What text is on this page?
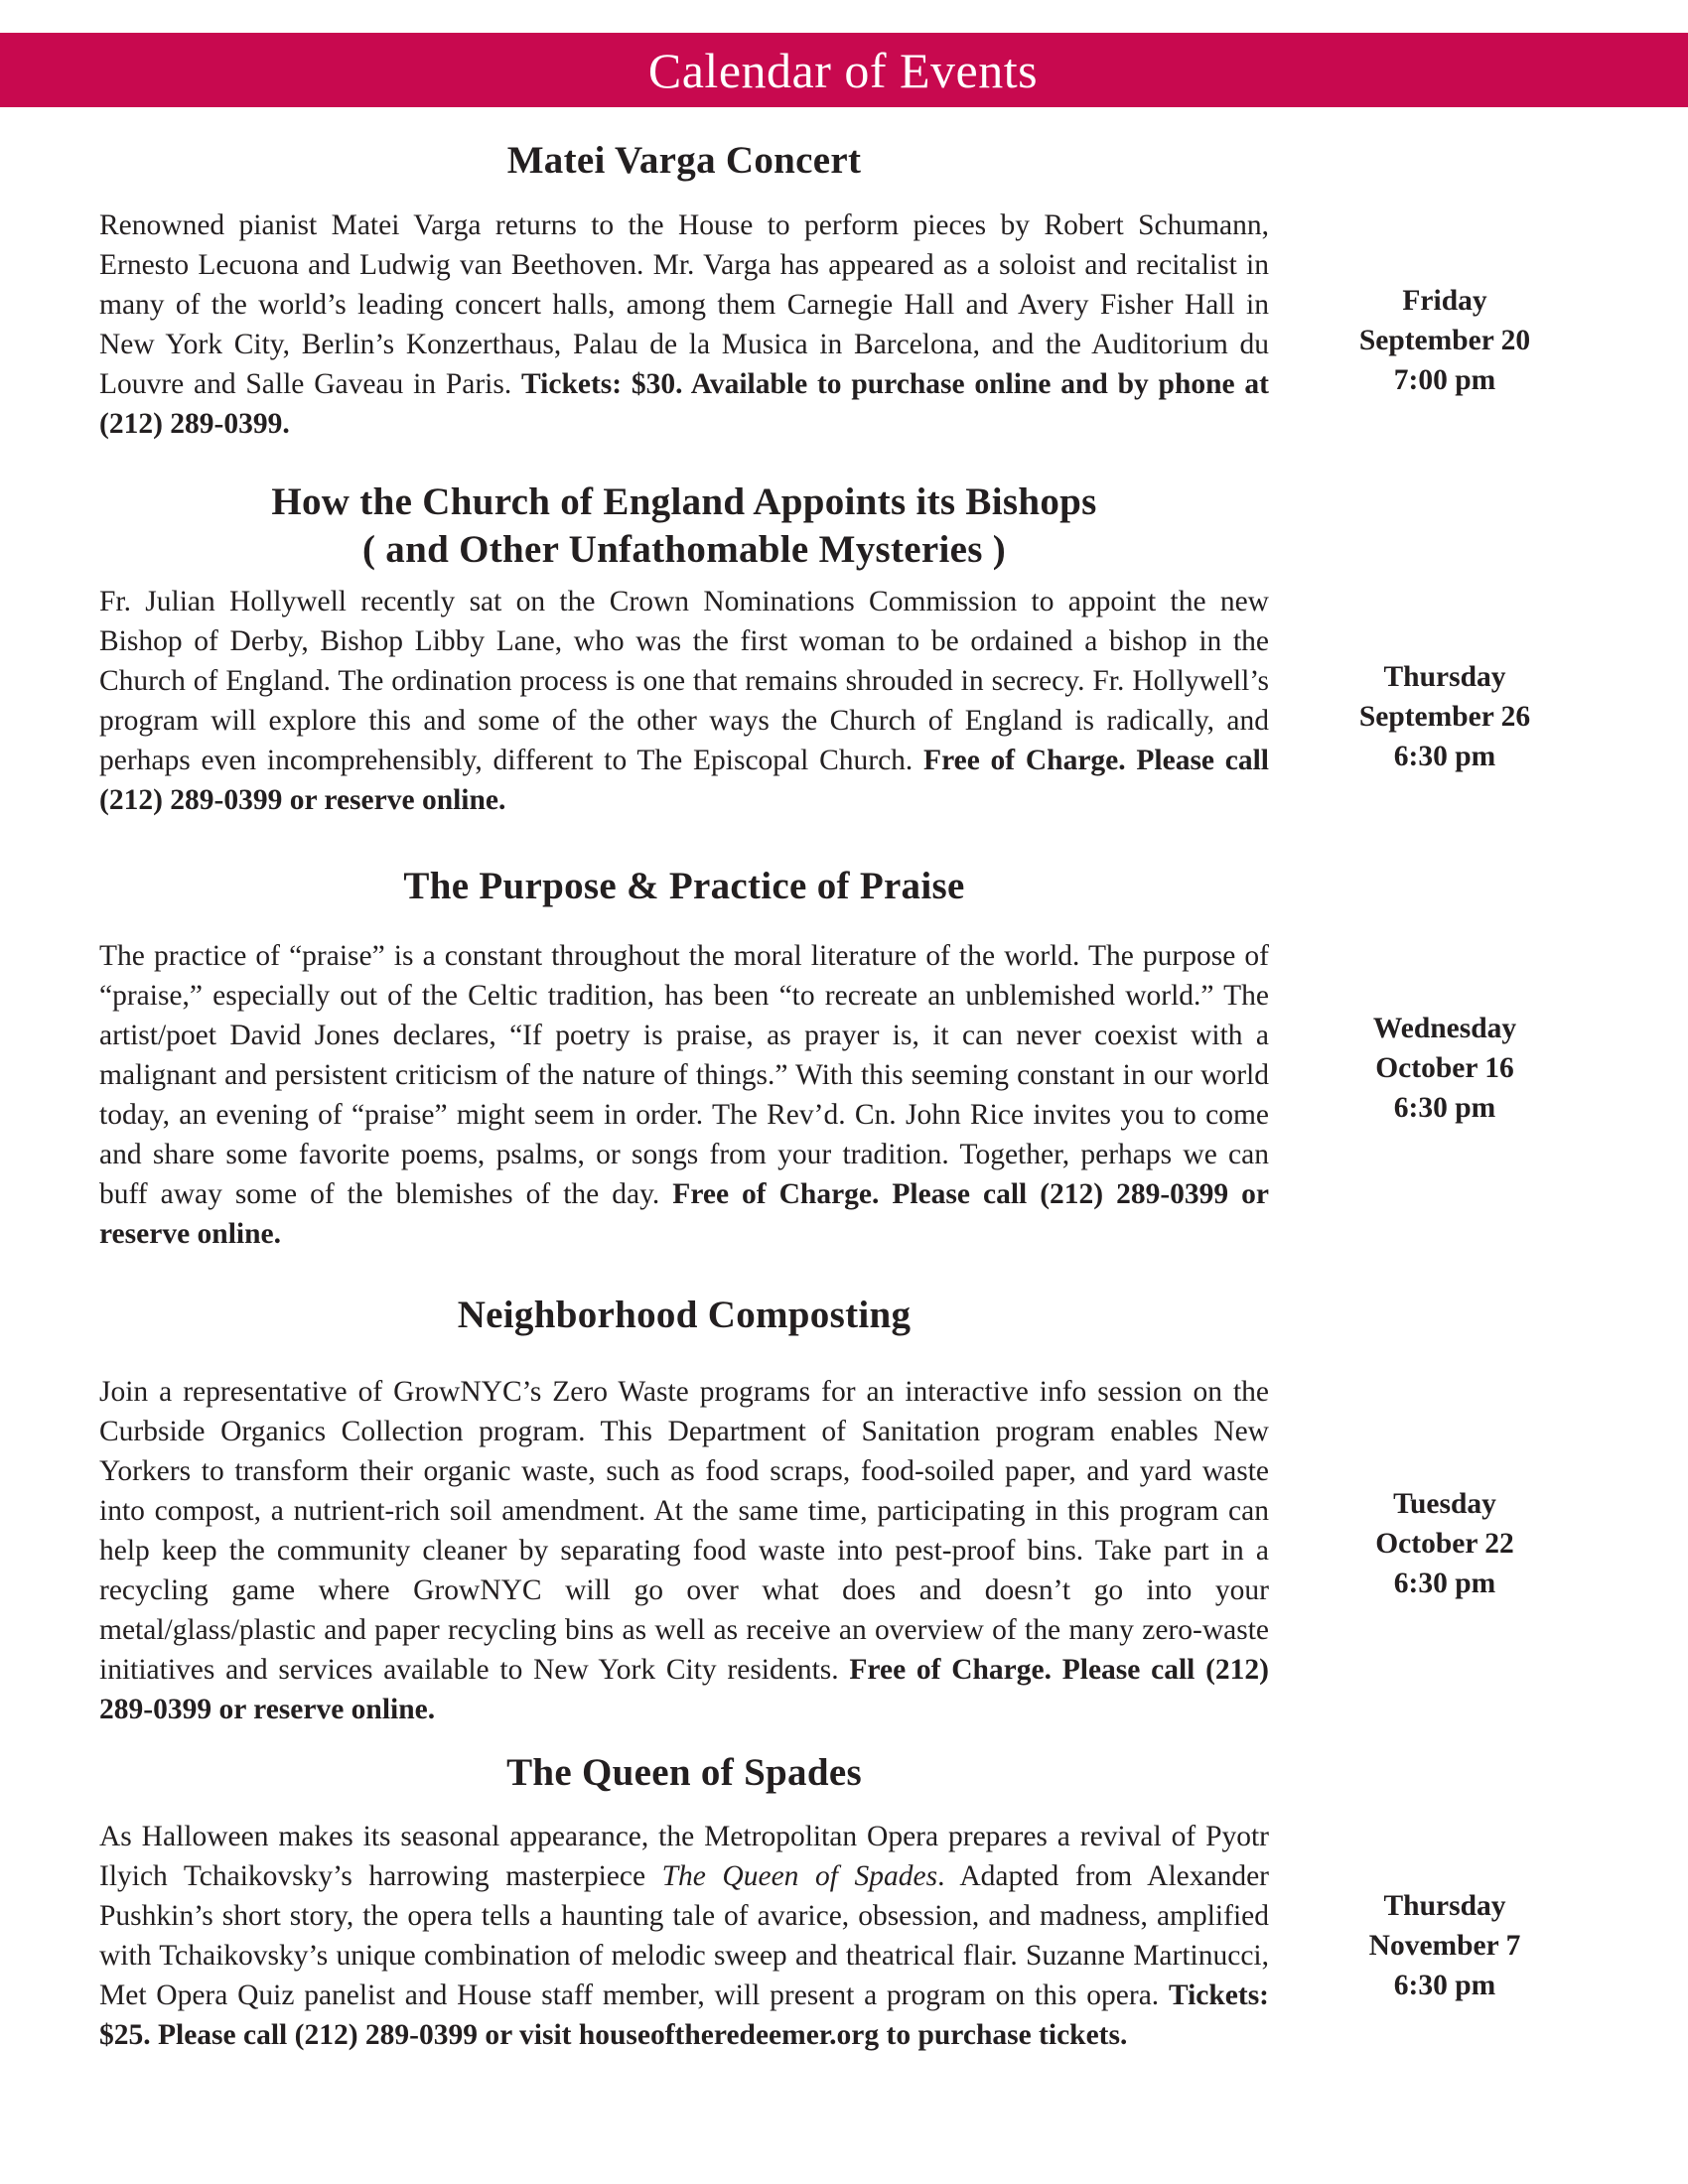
Calendar of Events
Matei Varga Concert

Renowned pianist Matei Varga returns to the House to perform pieces by Robert Schumann, Ernesto Lecuona and Ludwig van Beethoven. Mr. Varga has appeared as a soloist and recitalist in many of the world’s leading concert halls, among them Carnegie Hall and Avery Fisher Hall in New York City, Berlin’s Konzerthaus, Palau de la Musica in Barcelona, and the Auditorium du Louvre and Salle Gaveau in Paris. Tickets: $30. Available to purchase online and by phone at (212) 289-0399.

Friday
September 20
7:00 pm
How the Church of England Appoints its Bishops
( and Other Unfathomable Mysteries )

Fr. Julian Hollywell recently sat on the Crown Nominations Commission to appoint the new Bishop of Derby, Bishop Libby Lane, who was the first woman to be ordained a bishop in the Church of England. The ordination process is one that remains shrouded in secrecy. Fr. Hollywell’s program will explore this and some of the other ways the Church of England is radically, and perhaps even incomprehensibly, different to The Episcopal Church. Free of Charge. Please call (212) 289-0399 or reserve online.

Thursday
September 26
6:30 pm
The Purpose & Practice of Praise

The practice of “praise” is a constant throughout the moral literature of the world. The purpose of “praise,” especially out of the Celtic tradition, has been “to recreate an unblemished world.” The artist/poet David Jones declares, “If poetry is praise, as prayer is, it can never coexist with a malignant and persistent criticism of the nature of things.” With this seeming constant in our world today, an evening of “praise” might seem in order. The Rev’d. Cn. John Rice invites you to come and share some favorite poems, psalms, or songs from your tradition. Together, perhaps we can buff away some of the blemishes of the day. Free of Charge. Please call (212) 289-0399 or reserve online.

Wednesday
October 16
6:30 pm
Neighborhood Composting

Join a representative of GrowNYC’s Zero Waste programs for an interactive info session on the Curbside Organics Collection program. This Department of Sanitation program enables New Yorkers to transform their organic waste, such as food scraps, food-soiled paper, and yard waste into compost, a nutrient-rich soil amendment. At the same time, participating in this program can help keep the community cleaner by separating food waste into pest-proof bins. Take part in a recycling game where GrowNYC will go over what does and doesn’t go into your metal/glass/plastic and paper recycling bins as well as receive an overview of the many zero-waste initiatives and services available to New York City residents. Free of Charge. Please call (212) 289-0399 or reserve online.

Tuesday
October 22
6:30 pm
The Queen of Spades

As Halloween makes its seasonal appearance, the Metropolitan Opera prepares a revival of Pyotr Ilyich Tchaikovsky’s harrowing masterpiece The Queen of Spades. Adapted from Alexander Pushkin’s short story, the opera tells a haunting tale of avarice, obsession, and madness, amplified with Tchaikovsky’s unique combination of melodic sweep and theatrical flair. Suzanne Martinucci, Met Opera Quiz panelist and House staff member, will present a program on this opera. Tickets: $25. Please call (212) 289-0399 or visit houseoftheredeemer.org to purchase tickets.

Thursday
November 7
6:30 pm
